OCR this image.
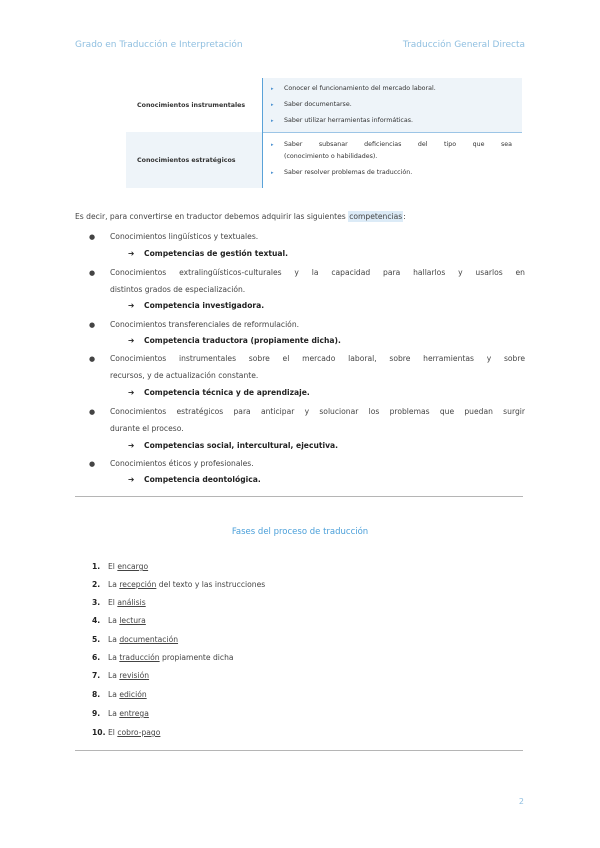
Grado en Traducción e Interpretación	Traducción General Directa
Conocimientos instrumentales
▸ Conocer el funcionamiento del mercado laboral.
▸ Saber documentarse.
▸ Saber utilizar herramientas informáticas.
Conocimientos estratégicos
▸ Saber subsanar deficiencias del tipo que sea
(conocimiento o habilidades).
▸ Saber resolver problemas de traducción.
Es decir, para convertirse en traductor debemos adquirir las siguientes competencias:
● Conocimientos lingüísticos y textuales.
➔ Competencias de gestión textual.
● Conocimientos extralingüísticos-culturales y la capacidad para hallarlos y usarlos en
distintos grados de especialización.
➔ Competencia investigadora.
● Conocimientos transferenciales de reformulación.
➔ Competencia traductora (propiamente dicha).
● Conocimientos instrumentales sobre el mercado laboral, sobre herramientas y sobre
recursos, y de actualización constante.
➔ Competencia técnica y de aprendizaje.
● Conocimientos estratégicos para anticipar y solucionar los problemas que puedan surgir
durante el proceso.
➔ Competencias social, intercultural, ejecutiva.
● Conocimientos éticos y profesionales.
➔ Competencia deontológica.
Fases del proceso de traducción
1.	El encargo
2.	La recepción del texto y las instrucciones
3.	El análisis
4.	La lectura
5.	La documentación
6.	La traducción propiamente dicha
7.	La revisión
8.	La edición
9.	La entrega
10. El cobro-pago
2
